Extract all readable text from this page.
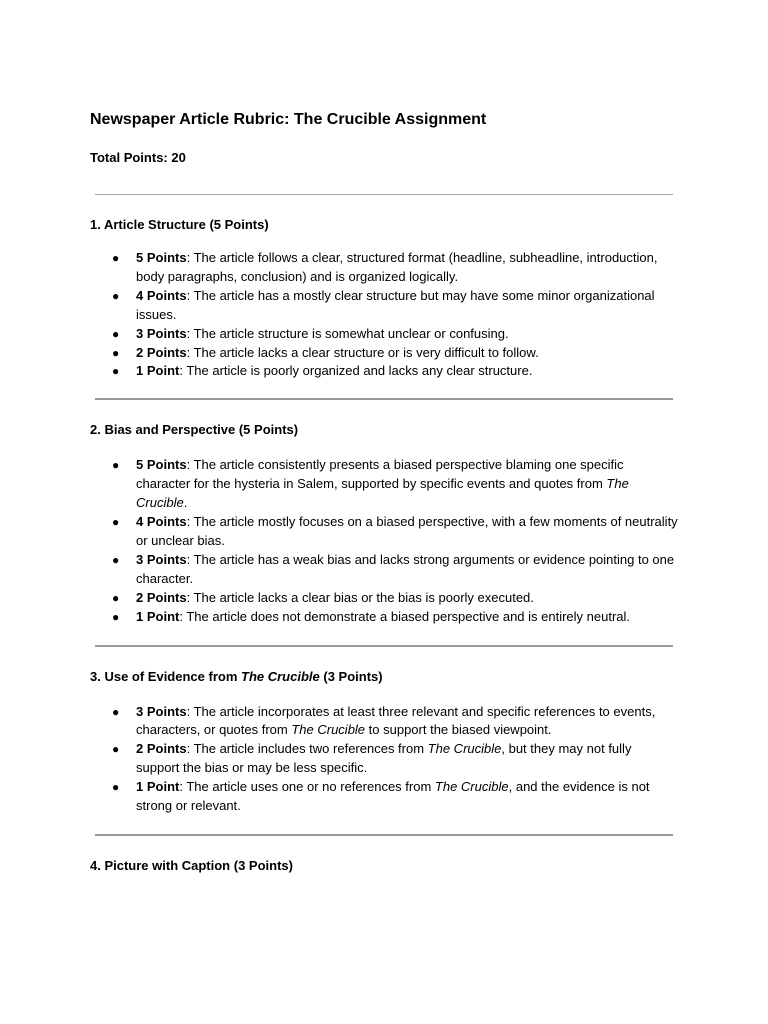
Newspaper Article Rubric: The Crucible Assignment
Total Points: 20
1. Article Structure (5 Points)
● 5 Points: The article follows a clear, structured format (headline, subheadline, introduction, body paragraphs, conclusion) and is organized logically.
● 4 Points: The article has a mostly clear structure but may have some minor organizational issues.
● 3 Points: The article structure is somewhat unclear or confusing.
● 2 Points: The article lacks a clear structure or is very difficult to follow.
● 1 Point: The article is poorly organized and lacks any clear structure.
2. Bias and Perspective (5 Points)
● 5 Points: The article consistently presents a biased perspective blaming one specific character for the hysteria in Salem, supported by specific events and quotes from The Crucible.
● 4 Points: The article mostly focuses on a biased perspective, with a few moments of neutrality or unclear bias.
● 3 Points: The article has a weak bias and lacks strong arguments or evidence pointing to one character.
● 2 Points: The article lacks a clear bias or the bias is poorly executed.
● 1 Point: The article does not demonstrate a biased perspective and is entirely neutral.
3. Use of Evidence from The Crucible (3 Points)
● 3 Points: The article incorporates at least three relevant and specific references to events, characters, or quotes from The Crucible to support the biased viewpoint.
● 2 Points: The article includes two references from The Crucible, but they may not fully support the bias or may be less specific.
● 1 Point: The article uses one or no references from The Crucible, and the evidence is not strong or relevant.
4. Picture with Caption (3 Points)
